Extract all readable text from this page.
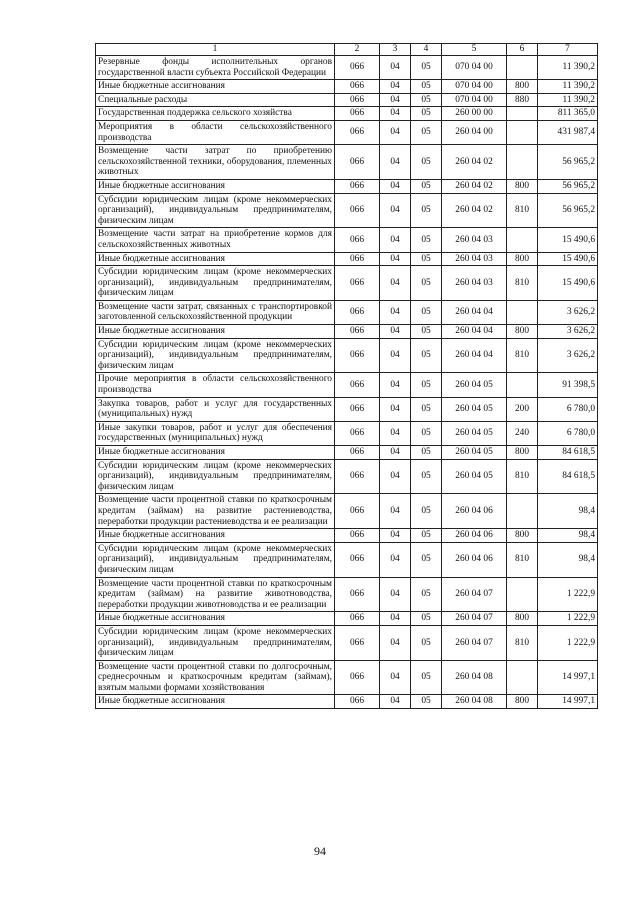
1	2	3	4	5	6	7
Резервные фонды исполнительных органов государственной власти субъекта Российской Федерации	066	04	05	070 04 00		11 390,2
Иные бюджетные ассигнования	066	04	05	070 04 00	800	11 390,2
Специальные расходы	066	04	05	070 04 00	880	11 390,2
Государственная поддержка сельского хозяйства	066	04	05	260 00 00		811 365,0
Мероприятия в области сельскохозяйственного производства	066	04	05	260 04 00		431 987,4
Возмещение части затрат по приобретению сельскохозяйственной техники, оборудования, племенных животных	066	04	05	260 04 02		56 965,2
Иные бюджетные ассигнования	066	04	05	260 04 02	800	56 965,2
Субсидии юридическим лицам (кроме некоммерческих организаций), индивидуальным предпринимателям, физическим лицам	066	04	05	260 04 02	810	56 965,2
Возмещение части затрат на приобретение кормов для сельскохозяйственных животных	066	04	05	260 04 03		15 490,6
Иные бюджетные ассигнования	066	04	05	260 04 03	800	15 490,6
Субсидии юридическим лицам (кроме некоммерческих организаций), индивидуальным предпринимателям, физическим лицам	066	04	05	260 04 03	810	15 490,6
Возмещение части затрат, связанных с транспортировкой заготовленной сельскохозяйственной продукции	066	04	05	260 04 04		3 626,2
Иные бюджетные ассигнования	066	04	05	260 04 04	800	3 626,2
Субсидии юридическим лицам (кроме некоммерческих организаций), индивидуальным предпринимателям, физическим лицам	066	04	05	260 04 04	810	3 626,2
Прочие мероприятия в области сельскохозяйственного производства	066	04	05	260 04 05		91 398,5
Закупка товаров, работ и услуг для государственных (муниципальных) нужд	066	04	05	260 04 05	200	6 780,0
Иные закупки товаров, работ и услуг для обеспечения государственных (муниципальных) нужд	066	04	05	260 04 05	240	6 780,0
Иные бюджетные ассигнования	066	04	05	260 04 05	800	84 618,5
Субсидии юридическим лицам (кроме некоммерческих организаций), индивидуальным предпринимателям, физическим лицам	066	04	05	260 04 05	810	84 618,5
Возмещение части процентной ставки по краткосрочным кредитам (займам) на развитие растениеводства, переработки продукции растениеводства и ее реализации	066	04	05	260 04 06		98,4
Иные бюджетные ассигнования	066	04	05	260 04 06	800	98,4
Субсидии юридическим лицам (кроме некоммерческих организаций), индивидуальным предпринимателям, физическим лицам	066	04	05	260 04 06	810	98,4
Возмещение части процентной ставки по краткосрочным кредитам (займам) на развитие животноводства, переработки продукции животноводства и ее реализации	066	04	05	260 04 07		1 222,9
Иные бюджетные ассигнования	066	04	05	260 04 07	800	1 222,9
Субсидии юридическим лицам (кроме некоммерческих организаций), индивидуальным предпринимателям, физическим лицам	066	04	05	260 04 07	810	1 222,9
Возмещение части процентной ставки по долгосрочным, среднесрочным и краткосрочным кредитам (займам), взятым малыми формами хозяйствования	066	04	05	260 04 08		14 997,1
Иные бюджетные ассигнования	066	04	05	260 04 08	800	14 997,1
94
